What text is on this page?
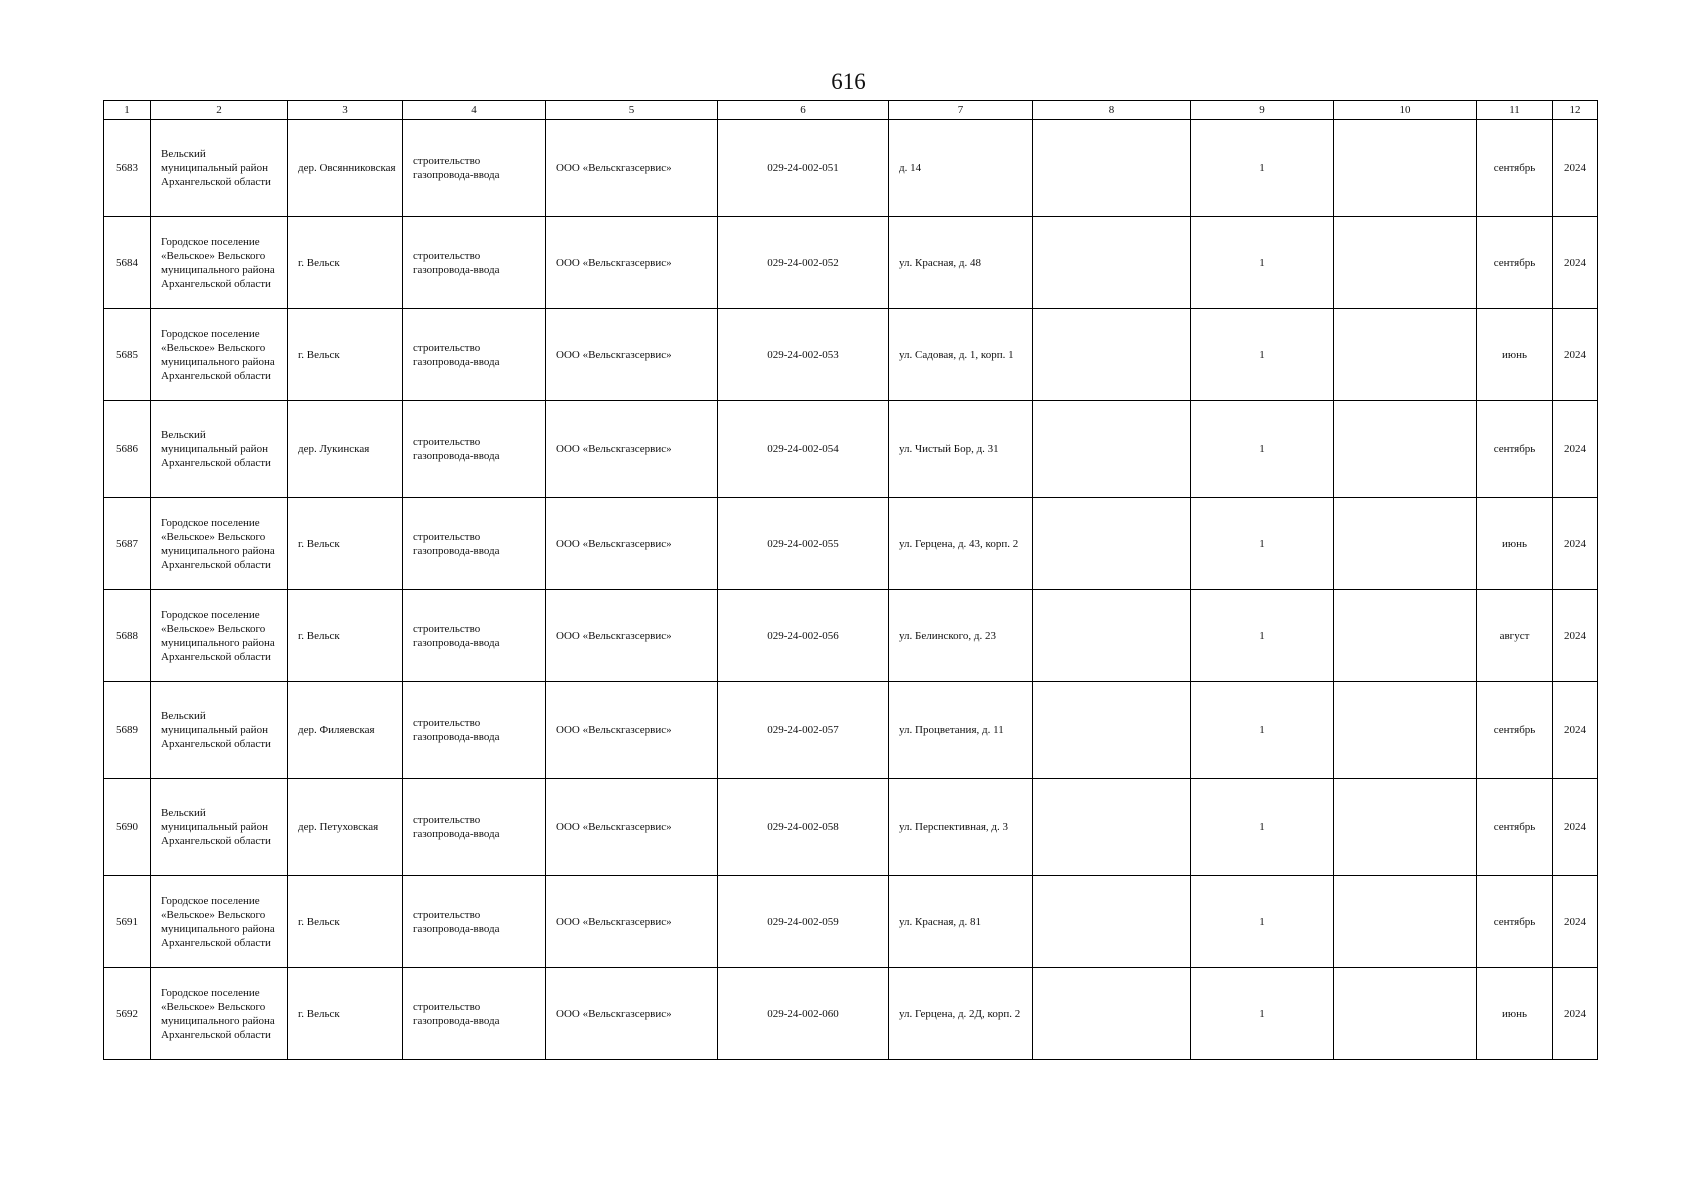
616
1	2	3	4	5	6	7	8	9	10	11	12
5683	Вельский муниципальный район Архангельской области	дер. Овсянниковская	строительство газопровода-ввода	ООО «Вельскгазсервис»	029-24-002-051	д. 14		1		сентябрь	2024
5684	Городское поселение «Вельское» Вельского муниципального района Архангельской области	г. Вельск	строительство газопровода-ввода	ООО «Вельскгазсервис»	029-24-002-052	ул. Красная, д. 48		1		сентябрь	2024
5685	Городское поселение «Вельское» Вельского муниципального района Архангельской области	г. Вельск	строительство газопровода-ввода	ООО «Вельскгазсервис»	029-24-002-053	ул. Садовая, д. 1, корп. 1		1		июнь	2024
5686	Вельский муниципальный район Архангельской области	дер. Лукинская	строительство газопровода-ввода	ООО «Вельскгазсервис»	029-24-002-054	ул. Чистый Бор, д. 31		1		сентябрь	2024
5687	Городское поселение «Вельское» Вельского муниципального района Архангельской области	г. Вельск	строительство газопровода-ввода	ООО «Вельскгазсервис»	029-24-002-055	ул. Герцена, д. 43, корп. 2		1		июнь	2024
5688	Городское поселение «Вельское» Вельского муниципального района Архангельской области	г. Вельск	строительство газопровода-ввода	ООО «Вельскгазсервис»	029-24-002-056	ул. Белинского, д. 23		1		август	2024
5689	Вельский муниципальный район Архангельской области	дер. Филяевская	строительство газопровода-ввода	ООО «Вельскгазсервис»	029-24-002-057	ул. Процветания, д. 11		1		сентябрь	2024
5690	Вельский муниципальный район Архангельской области	дер. Петуховская	строительство газопровода-ввода	ООО «Вельскгазсервис»	029-24-002-058	ул. Перспективная, д. 3		1		сентябрь	2024
5691	Городское поселение «Вельское» Вельского муниципального района Архангельской области	г. Вельск	строительство газопровода-ввода	ООО «Вельскгазсервис»	029-24-002-059	ул. Красная, д. 81		1		сентябрь	2024
5692	Городское поселение «Вельское» Вельского муниципального района Архангельской области	г. Вельск	строительство газопровода-ввода	ООО «Вельскгазсервис»	029-24-002-060	ул. Герцена, д. 2Д, корп. 2		1		июнь	2024
